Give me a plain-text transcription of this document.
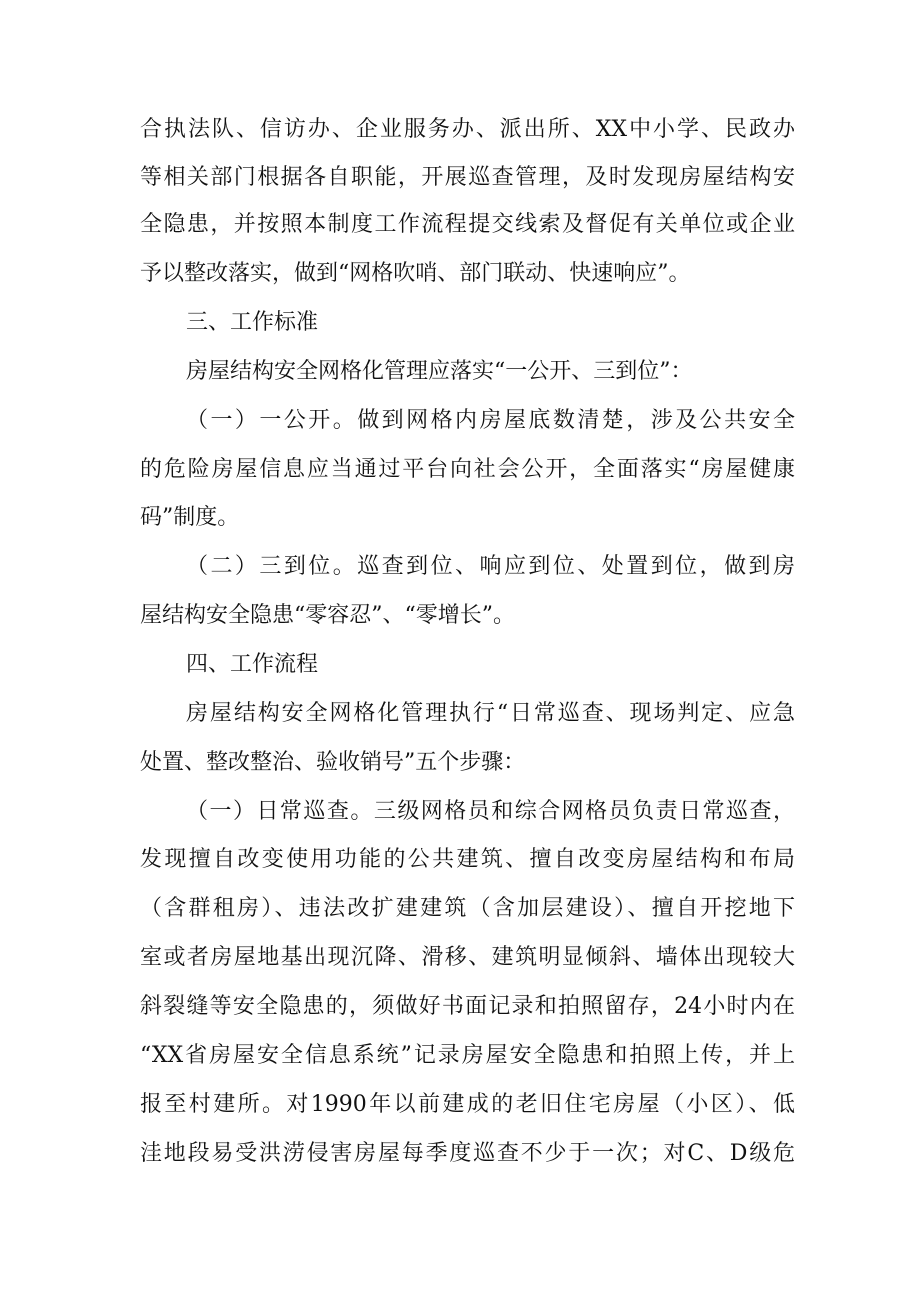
合执法队、信访办、企业服务办、派出所、XX中小学、民政办
等相关部门根据各自职能，开展巡查管理，及时发现房屋结构安
全隐患，并按照本制度工作流程提交线索及督促有关单位或企业
予以整改落实，做到“网格吹哨、部门联动、快速响应”。
三、工作标准
房屋结构安全网格化管理应落实“一公开、三到位”：
（一）一公开。做到网格内房屋底数清楚，涉及公共安全
的危险房屋信息应当通过平台向社会公开，全面落实“房屋健康
码”制度。
（二）三到位。巡查到位、响应到位、处置到位，做到房
屋结构安全隐患“零容忍”、“零增长”。
四、工作流程
房屋结构安全网格化管理执行“日常巡查、现场判定、应急
处置、整改整治、验收销号”五个步骤：
（一）日常巡查。三级网格员和综合网格员负责日常巡查，
发现擅自改变使用功能的公共建筑、擅自改变房屋结构和布局
（含群租房）、违法改扩建建筑（含加层建设）、擅自开挖地下
室或者房屋地基出现沉降、滑移、建筑明显倾斜、墙体出现较大
斜裂缝等安全隐患的，须做好书面记录和拍照留存，24小时内在
“XX省房屋安全信息系统”记录房屋安全隐患和拍照上传，并上
报至村建所。对1990年以前建成的老旧住宅房屋（小区）、低
洼地段易受洪涝侵害房屋每季度巡查不少于一次；对C、D级危
